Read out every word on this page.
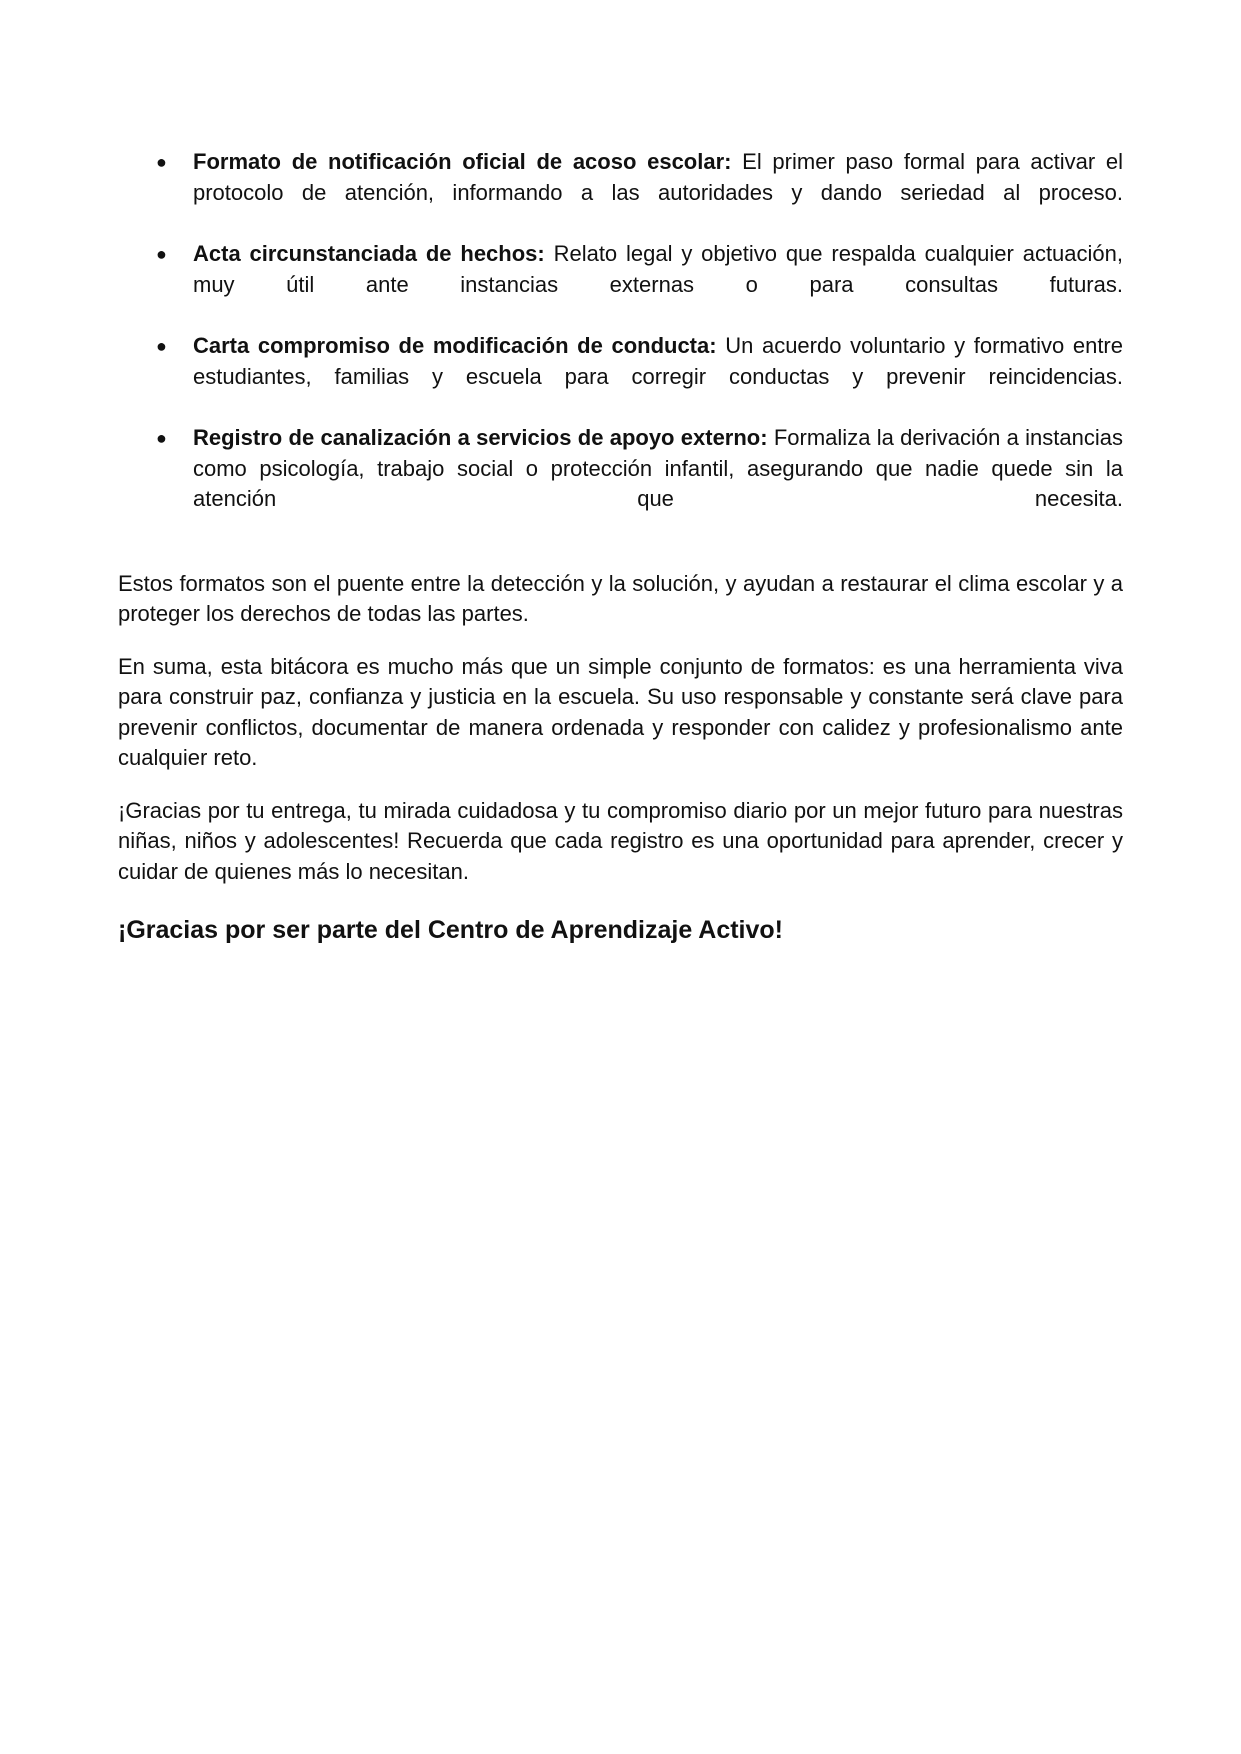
● Formato de notificación oficial de acoso escolar: El primer paso formal para activar el protocolo de atención, informando a las autoridades y dando seriedad al proceso.
● Acta circunstanciada de hechos: Relato legal y objetivo que respalda cualquier actuación, muy útil ante instancias externas o para consultas futuras.
● Carta compromiso de modificación de conducta: Un acuerdo voluntario y formativo entre estudiantes, familias y escuela para corregir conductas y prevenir reincidencias.
● Registro de canalización a servicios de apoyo externo: Formaliza la derivación a instancias como psicología, trabajo social o protección infantil, asegurando que nadie quede sin la atención que necesita.

Estos formatos son el puente entre la detección y la solución, y ayudan a restaurar el clima escolar y a proteger los derechos de todas las partes.

En suma, esta bitácora es mucho más que un simple conjunto de formatos: es una herramienta viva para construir paz, confianza y justicia en la escuela. Su uso responsable y constante será clave para prevenir conflictos, documentar de manera ordenada y responder con calidez y profesionalismo ante cualquier reto.

¡Gracias por tu entrega, tu mirada cuidadosa y tu compromiso diario por un mejor futuro para nuestras niñas, niños y adolescentes! Recuerda que cada registro es una oportunidad para aprender, crecer y cuidar de quienes más lo necesitan.

¡Gracias por ser parte del Centro de Aprendizaje Activo!
